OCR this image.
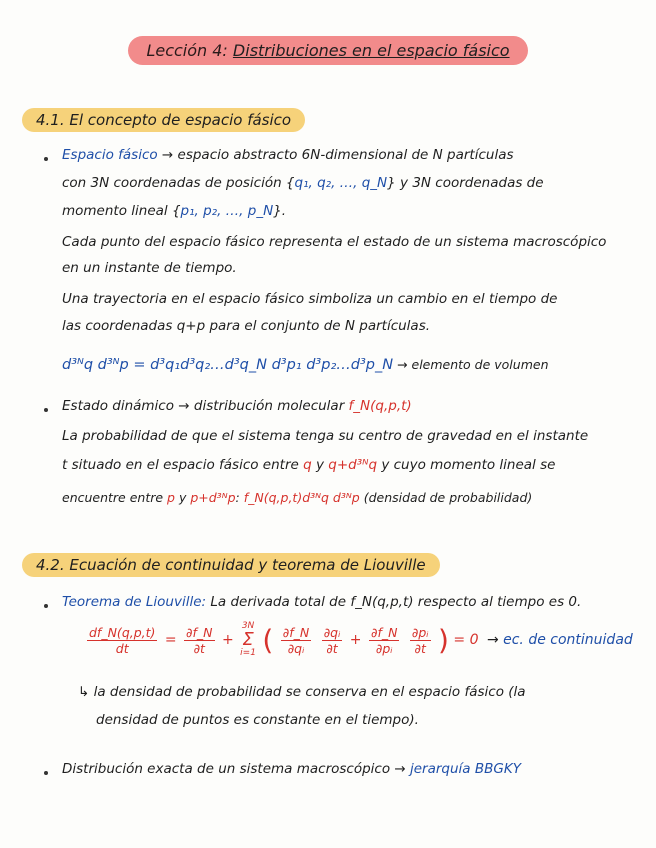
Lección 4: Distribuciones en el espacio fásico
4.1. El concepto de espacio fásico
Espacio fásico → espacio abstracto 6N-dimensional de N partículas
con 3N coordenadas de posición {q₁, q₂, …, q_N} y 3N coordenadas de
momento lineal {p₁, p₂, …, p_N}.
Cada punto del espacio fásico representa el estado de un sistema macroscópico
en un instante de tiempo.
Una trayectoria en el espacio fásico simboliza un cambio en el tiempo de
las coordenadas q+p para el conjunto de N partículas.
d³ᴺq d³ᴺp = d³q₁d³q₂…d³q_N d³p₁ d³p₂…d³p_N → elemento de volumen
Estado dinámico → distribución molecular f_N(q,p,t)
La probabilidad de que el sistema tenga su centro de gravedad en el instante
t situado en el espacio fásico entre q y q+d³ᴺq y cuyo momento lineal se
encuentre entre p y p+d³ᴺp: f_N(q,p,t)d³ᴺq d³ᴺp (densidad de probabilidad)
4.2. Ecuación de continuidad y teorema de Liouville
Teorema de Liouville: La derivada total de f_N(q,p,t) respecto al tiempo es 0.
$\frac{df\_N(q,p,t)}{dt} = \frac{\partial f\_N}{\partial t} + 3N$
Σ
i=1 ( $\frac{\partial f\_N}{\text{∂qᵢ}}$
$\frac{\text{∂qᵢ}}{\partial t} + \frac{\partial f\_N}{\text{∂pᵢ}}$
$\frac{\text{∂pᵢ}}{\partial t}$ ) = 0 → ec. de continuidad
↳ la densidad de probabilidad se conserva en el espacio fásico (la
densidad de puntos es constante en el tiempo).
Distribución exacta de un sistema macroscópico → jerarquía BBGKY
